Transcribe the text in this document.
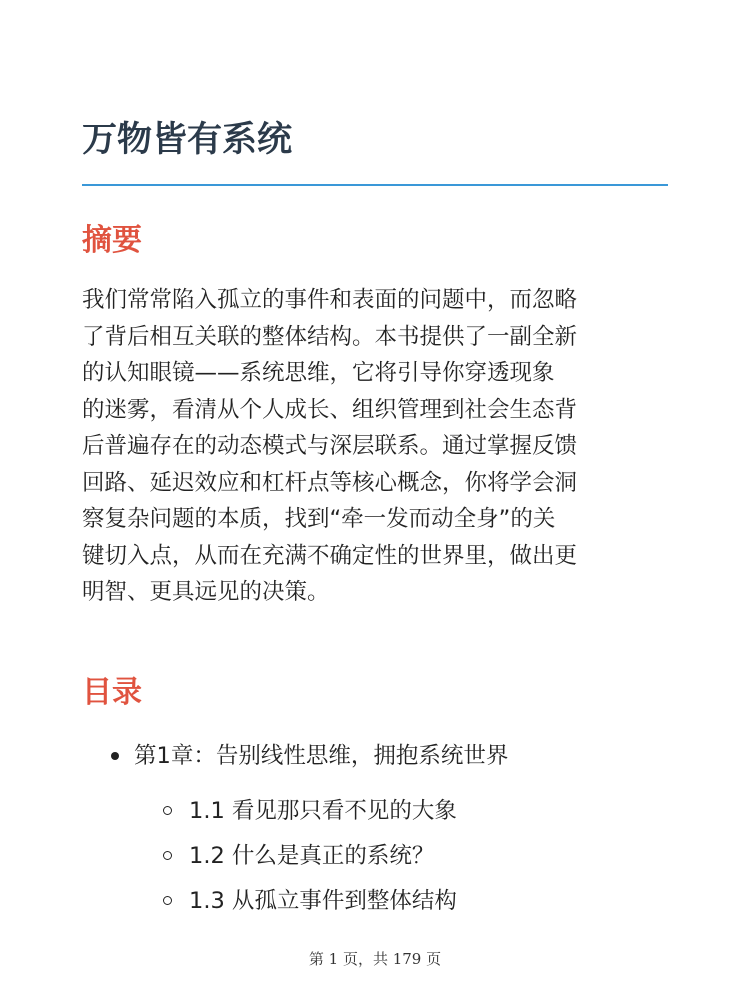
万物皆有系统
摘要

我们常常陷入孤立的事件和表面的问题中，而忽略
了背后相互关联的整体结构。本书提供了一副全新
的认知眼镜——系统思维，它将引导你穿透现象
的迷雾，看清从个人成长、组织管理到社会生态背
后普遍存在的动态模式与深层联系。通过掌握反馈
回路、延迟效应和杠杆点等核心概念，你将学会洞
察复杂问题的本质，找到“牵一发而动全身”的关
键切入点，从而在充满不确定性的世界里，做出更
明智、更具远见的决策。

目录
第1章：告别线性思维，拥抱系统世界
1.1 看见那只看不见的大象
1.2 什么是真正的系统？
1.3 从孤立事件到整体结构
第 1 页，共 179 页
